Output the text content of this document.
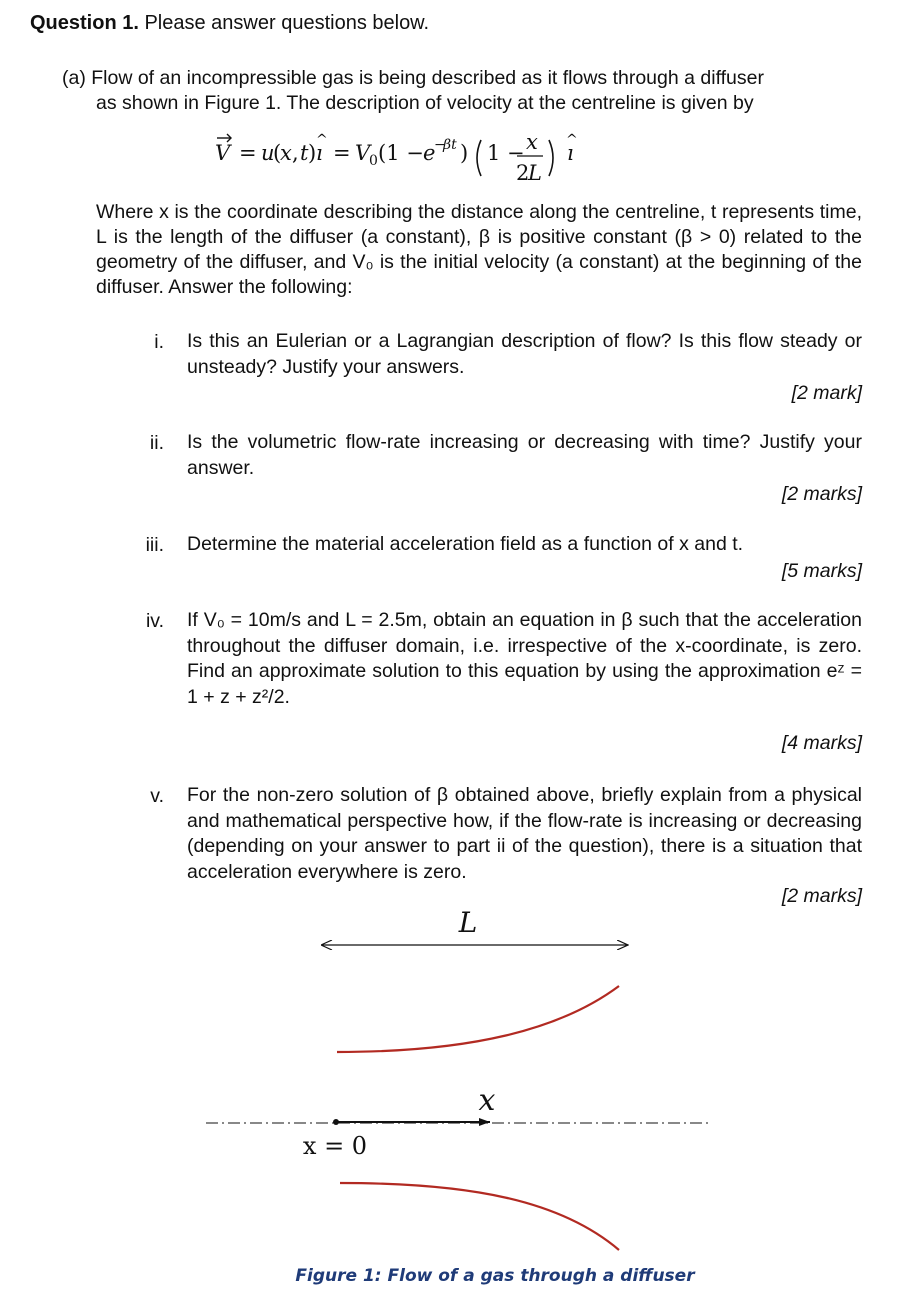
Question 1. Please answer questions below.
(a) Flow of an incompressible gas is being described as it flows through a diffuser
as shown in Figure 1. The description of velocity at the centreline is given by
V = u
(
x , t ) ı
^
= V
0 (1 − e
−
βt ) 1 − x
2
L
ı
^
Where x is the coordinate describing the distance along the centreline, t represents time, L is the length of the diffuser (a constant), β is positive constant (β > 0) related to the geometry of the diffuser, and V₀ is the initial velocity (a constant) at the beginning of the diffuser. Answer the following:
i. Is this an Eulerian or a Lagrangian description of flow? Is this flow steady or unsteady? Justify your answers.
[2 mark]
ii. Is the volumetric flow-rate increasing or decreasing with time? Justify your answer.
[2 marks]
iii. Determine the material acceleration field as a function of x and t.
[5 marks]
iv. If V₀ = 10m/s and L = 2.5m, obtain an equation in β such that the acceleration throughout the diffuser domain, i.e. irrespective of the x-coordinate, is zero. Find an approximate solution to this equation by using the approximation eᶻ = 1 + z + z²/2.
[4 marks]
v. For the non-zero solution of β obtained above, briefly explain from a physical and mathematical perspective how, if the flow-rate is increasing or decreasing (depending on your answer to part ii of the question), there is a situation that acceleration everywhere is zero.
[2 marks]
L
x
x = 0
Figure 1: Flow of a gas through a diffuser
